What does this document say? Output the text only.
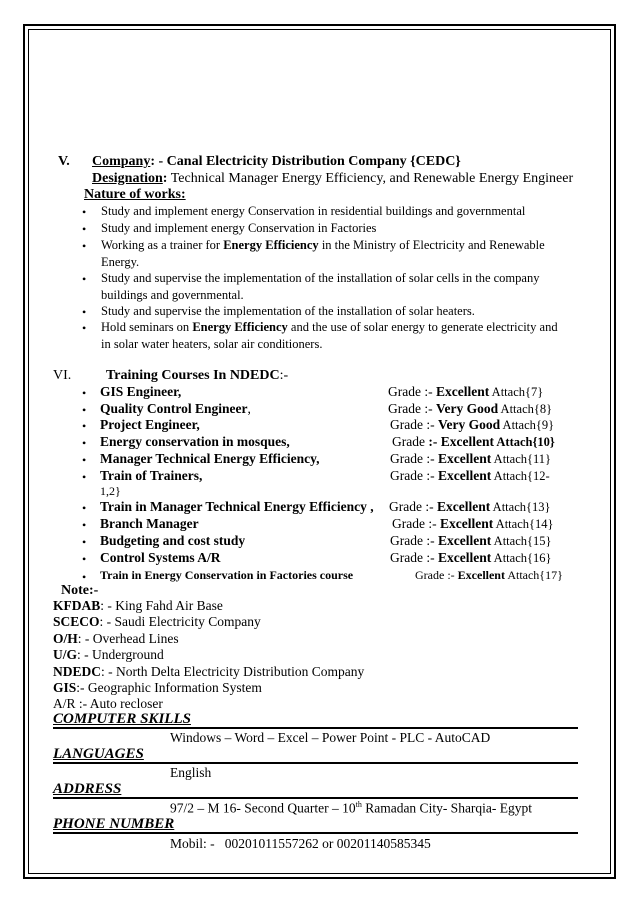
V. Company: - Canal Electricity Distribution Company {CEDC}
Designation: Technical Manager Energy Efficiency, and Renewable Energy Engineer
Nature of works:
• Study and implement energy Conservation in residential buildings and governmental
• Study and implement energy Conservation in Factories
• Working as a trainer for Energy Efficiency in the Ministry of Electricity and Renewable
Energy.
• Study and supervise the implementation of the installation of solar cells in the company
buildings and governmental.
• Study and supervise the implementation of the installation of solar heaters.
• Hold seminars on Energy Efficiency and the use of solar energy to generate electricity and
in solar water heaters, solar air conditioners.
VI. Training Courses In NDEDC:-
• GIS Engineer,	Grade :- Excellent Attach{7}
• Quality Control Engineer,	Grade :- Very Good Attach{8}
• Project Engineer,	Grade :- Very Good Attach{9}
• Energy conservation in mosques,	Grade :- Excellent Attach{10}
• Manager Technical Energy Efficiency,	Grade :- Excellent Attach{11}
• Train of Trainers,	Grade :- Excellent Attach{12-
1,2}
• Train in Manager Technical Energy Efficiency , Grade :- Excellent Attach{13}
• Branch Manager	Grade :- Excellent Attach{14}
• Budgeting and cost study	Grade :- Excellent Attach{15}
• Control Systems A/R	Grade :- Excellent Attach{16}
• Train in Energy Conservation in Factories course	Grade :- Excellent Attach{17}
Note:-
KFDAB: - King Fahd Air Base
SCECO: - Saudi Electricity Company
O/H: - Overhead Lines
U/G: - Underground
NDEDC: - North Delta Electricity Distribution Company
GIS:- Geographic Information System
A/R :- Auto recloser
COMPUTER SKILLS
Windows – Word – Excel – Power Point - PLC - AutoCAD
LANGUAGES
English
ADDRESS
97/2 – M 16- Second Quarter – 10th Ramadan City- Sharqia- Egypt
PHONE NUMBER
Mobil: -   00201011557262 or 00201140585345
